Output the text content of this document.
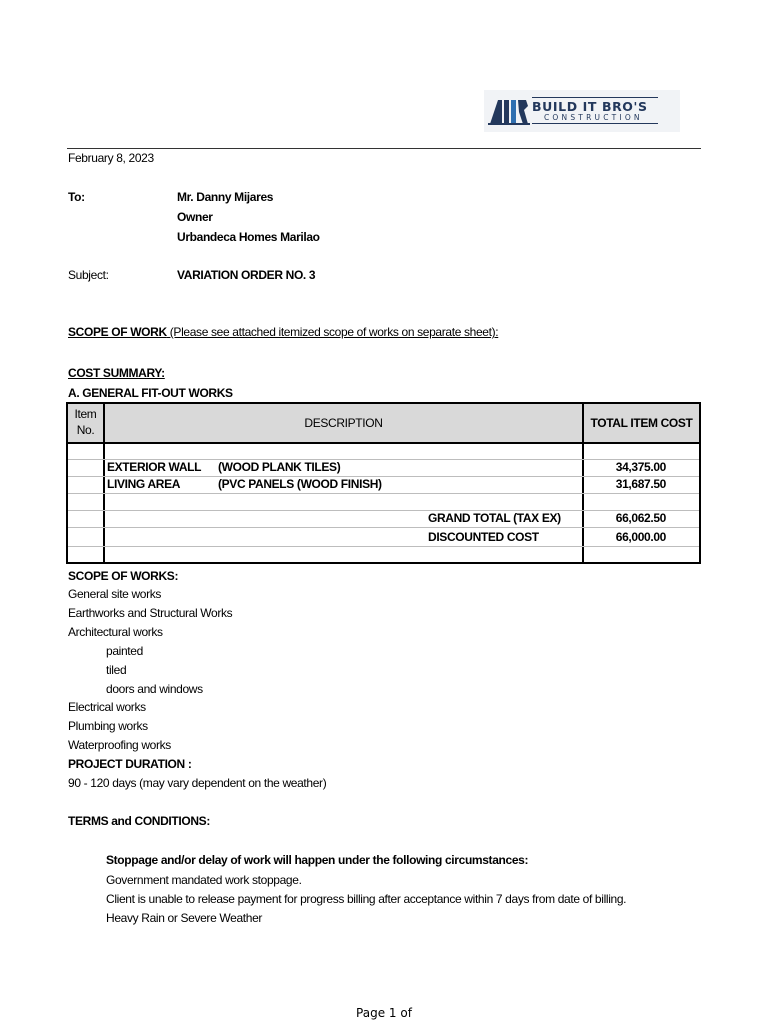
BUILD IT BRO'S
CONSTRUCTION
February 8, 2023
To:	Mr. Danny Mijares
Owner
Urbandeca Homes Marilao
Subject:	VARIATION ORDER NO. 3
SCOPE OF WORK (Please see attached itemized scope of works on separate sheet):
COST SUMMARY:
A. GENERAL FIT-OUT WORKS
Item
No.	DESCRIPTION	TOTAL ITEM COST
EXTERIOR WALL (WOOD PLANK TILES)	34,375.00
LIVING AREA	(PVC PANELS (WOOD FINISH)	31,687.50
GRAND TOTAL (TAX EX)	66,062.50
DISCOUNTED COST	66,000.00
SCOPE OF WORKS:
General site works
Earthworks and Structural Works
Architectural works
painted
tiled
doors and windows
Electrical works
Plumbing works
Waterproofing works
PROJECT DURATION :
90 - 120 days (may vary dependent on the weather)
TERMS and CONDITIONS:
Stoppage and/or delay of work will happen under the following circumstances:
Government mandated work stoppage.
Client is unable to release payment for progress billing after acceptance within 7 days from date of billing.
Heavy Rain or Severe Weather
Page 1 of
